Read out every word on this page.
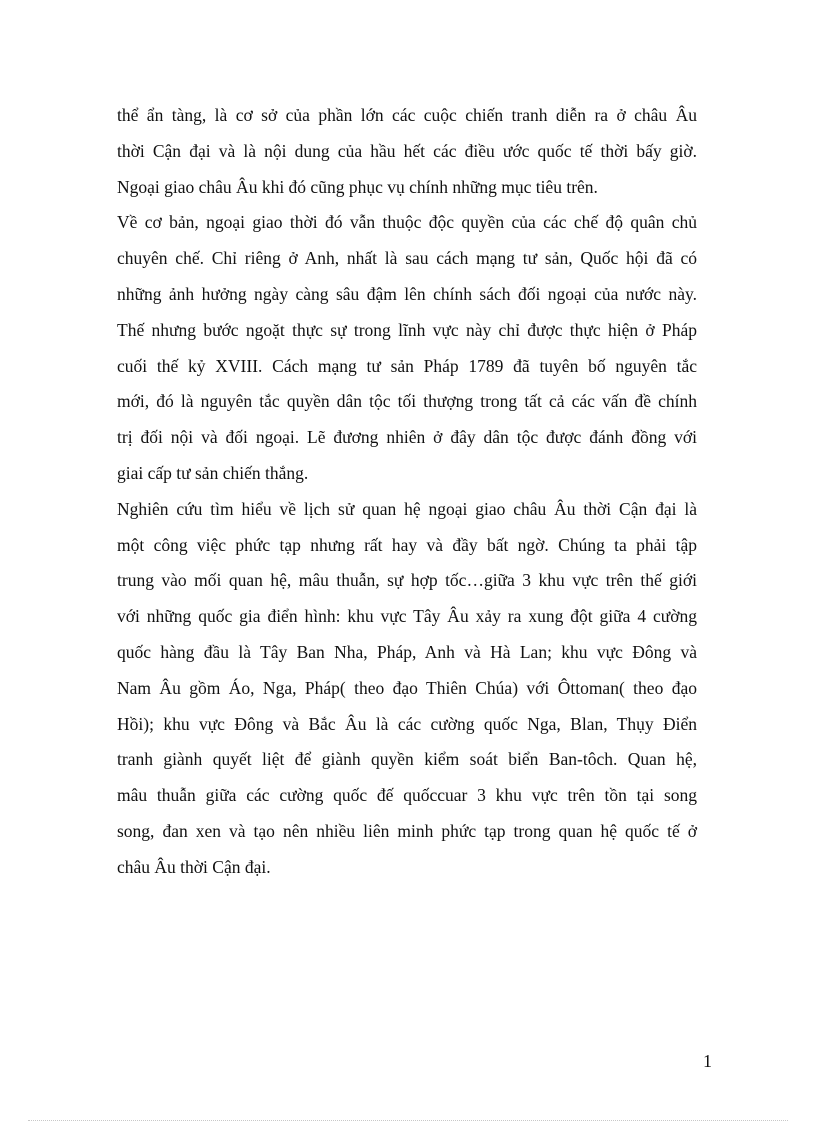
thể ẩn tàng, là cơ sở của phần lớn các cuộc chiến tranh diễn ra ở châu Âu
thời Cận đại và là nội dung của hầu hết các điều ước quốc tế thời bấy giờ.
Ngoại giao châu Âu khi đó cũng phục vụ chính những mục tiêu trên.
Về cơ bản, ngoại giao thời đó vẫn thuộc độc quyền của các chế độ quân chủ
chuyên chế. Chỉ riêng ở Anh, nhất là sau cách mạng tư sản, Quốc hội đã có
những ảnh hưởng ngày càng sâu đậm lên chính sách đối ngoại của nước này.
Thế nhưng bước ngoặt thực sự trong lĩnh vực này chỉ được thực hiện ở Pháp
cuối thế kỷ XVIII. Cách mạng tư sản Pháp 1789 đã tuyên bố nguyên tắc
mới, đó là nguyên tắc quyền dân tộc tối thượng trong tất cả các vấn đề chính
trị đối nội và đối ngoại. Lẽ đương nhiên ở đây dân tộc được đánh đồng với
giai cấp tư sản chiến thắng.
Nghiên cứu tìm hiểu về lịch sử quan hệ ngoại giao châu Âu thời Cận đại là
một công việc phức tạp nhưng rất hay và đầy bất ngờ. Chúng ta phải tập
trung vào mối quan hệ, mâu thuẫn, sự hợp tốc…giữa 3 khu vực trên thế giới
với những quốc gia điển hình: khu vực Tây Âu xảy ra xung đột giữa 4 cường
quốc hàng đầu là Tây Ban Nha, Pháp, Anh và Hà Lan; khu vực Đông và
Nam Âu gồm Áo, Nga, Pháp( theo đạo Thiên Chúa) với Ôttoman( theo đạo
Hồi); khu vực Đông và Bắc Âu là các cường quốc Nga, Blan, Thụy Điển
tranh giành quyết liệt để giành quyền kiểm soát biển Ban-tôch. Quan hệ,
mâu thuẫn giữa các cường quốc đế quốccuar 3 khu vực trên tồn tại song
song, đan xen và tạo nên nhiều liên minh phức tạp trong quan hệ quốc tế ở
châu Âu thời Cận đại.
1
